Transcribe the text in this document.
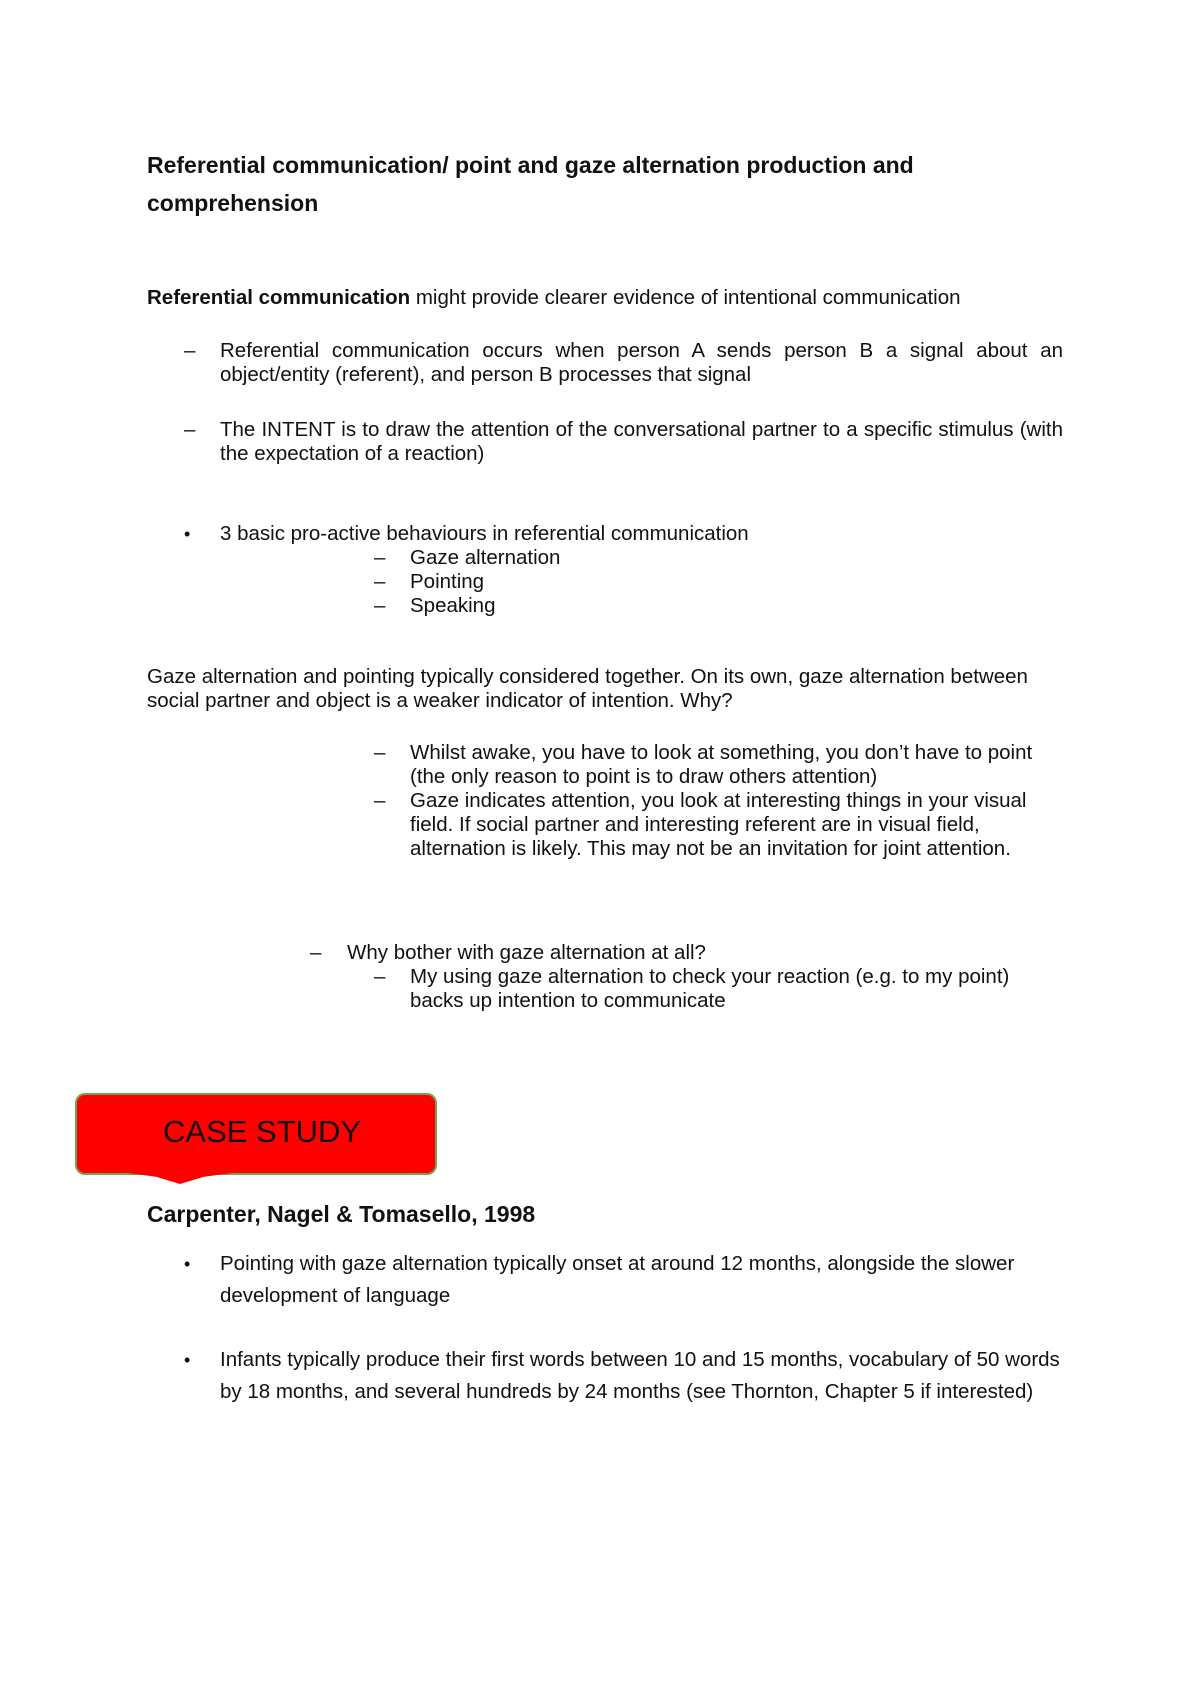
Referential communication/ point and gaze alternation production and comprehension

Referential communication might provide clearer evidence of intentional communication

– Referential communication occurs when person A sends person B a signal about an object/entity (referent), and person B processes that signal

– The INTENT is to draw the attention of the conversational partner to a specific stimulus (with the expectation of a reaction)

• 3 basic pro-active behaviours in referential communication

– Gaze alternation

– Pointing

– Speaking

Gaze alternation and pointing typically considered together. On its own, gaze alternation between social partner and object is a weaker indicator of intention. Why?

– Whilst awake, you have to look at something, you don’t have to point (the only reason to point is to draw others attention)

– Gaze indicates attention, you look at interesting things in your visual field. If social partner and interesting referent are in visual field, alternation is likely. This may not be an invitation for joint attention.

– Why bother with gaze alternation at all?

– My using gaze alternation to check your reaction (e.g. to my point) backs up intention to communicate

CASE STUDY

Carpenter, Nagel & Tomasello, 1998

• Pointing with gaze alternation typically onset at around 12 months, alongside the slower development of language

• Infants typically produce their first words between 10 and 15 months, vocabulary of 50 words by 18 months, and several hundreds by 24 months (see Thornton, Chapter 5 if interested)
